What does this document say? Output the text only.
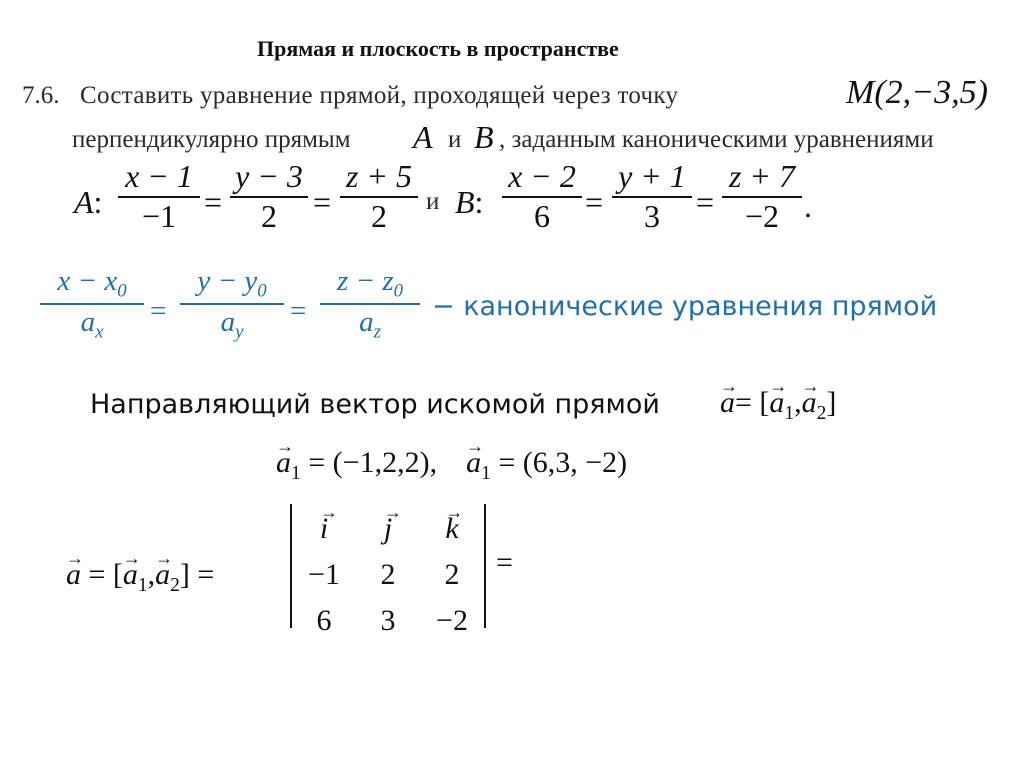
Прямая и плоскость в пространстве
7.6. Составить уравнение прямой, проходящей через точку	M(2,−3,5)
перпендикулярно прямым A и B , заданным каноническими уравнениями
A:
x − 1
−1 =
y − 3
2	=
z + 5
2	и B:
x − 2
6	=
y + 1
3	=
z + 7
−2 .
$x - x_0$
$a_x$
=
$y - y_0$
$a_y$
=
$z - z_0$
$a_z$
− канонические уравнения прямой
Направляющий вектор искомой прямой → a= [→ $a_1,\to a_2$]
→ $a_1 = (-1,2,2)$, → $a_1 = (6,3$, −2)
→ a = [→ $a_1,\to a_2$] =
→ i → j → k
−1 2 2
6 3 −2
=
